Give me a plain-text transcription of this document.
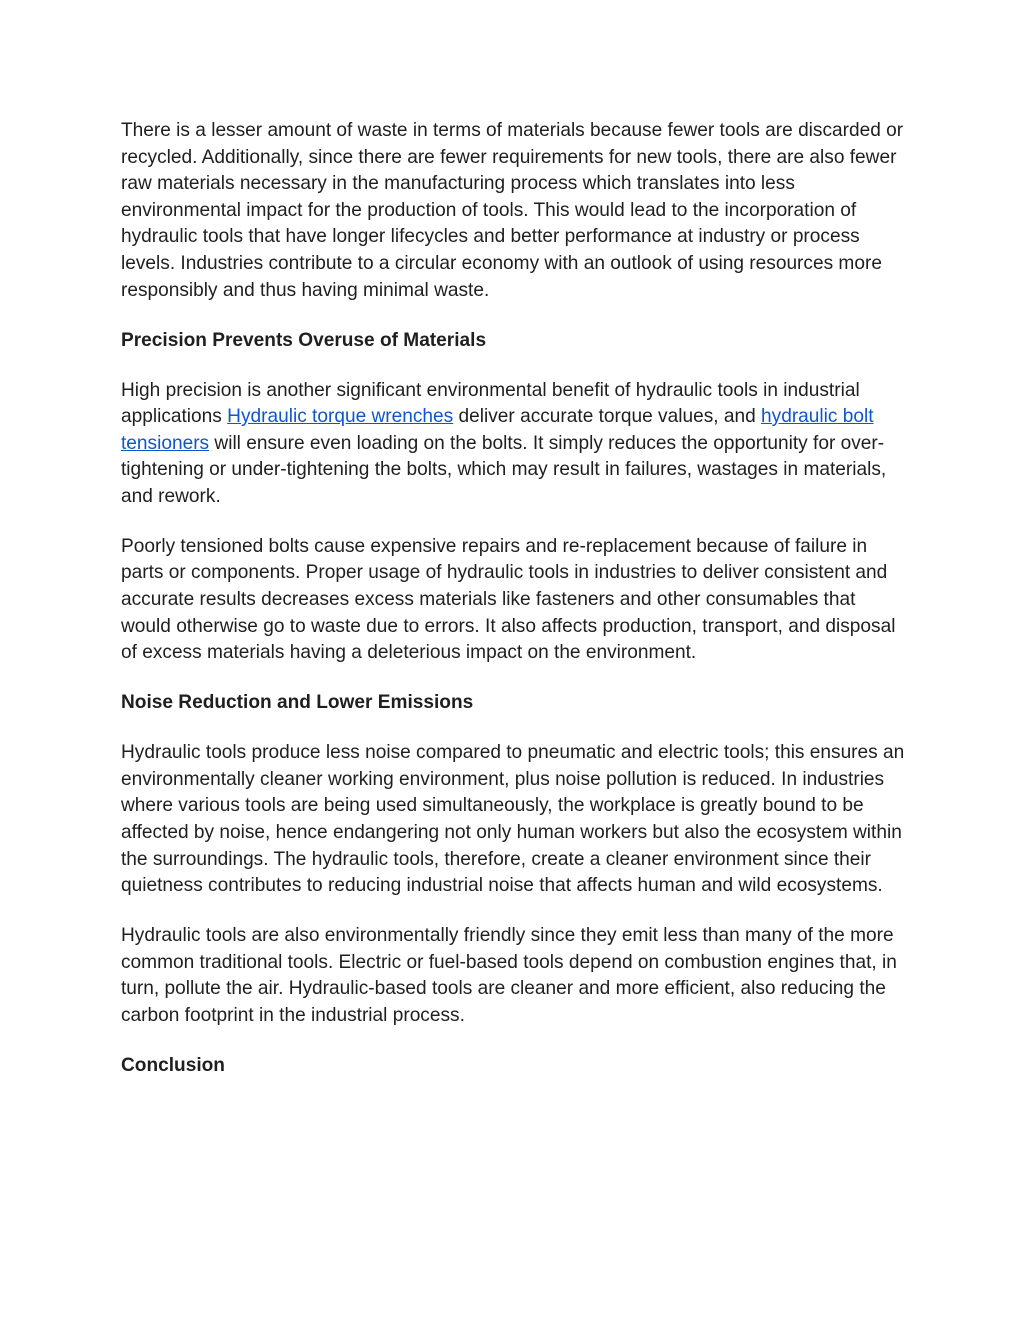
There is a lesser amount of waste in terms of materials because fewer tools are discarded or recycled. Additionally, since there are fewer requirements for new tools, there are also fewer raw materials necessary in the manufacturing process which translates into less environmental impact for the production of tools. This would lead to the incorporation of hydraulic tools that have longer lifecycles and better performance at industry or process levels. Industries contribute to a circular economy with an outlook of using resources more responsibly and thus having minimal waste.

Precision Prevents Overuse of Materials

High precision is another significant environmental benefit of hydraulic tools in industrial applications Hydraulic torque wrenches deliver accurate torque values, and hydraulic bolt tensioners will ensure even loading on the bolts. It simply reduces the opportunity for over-tightening or under-tightening the bolts, which may result in failures, wastages in materials, and rework.

Poorly tensioned bolts cause expensive repairs and re-replacement because of failure in parts or components. Proper usage of hydraulic tools in industries to deliver consistent and accurate results decreases excess materials like fasteners and other consumables that would otherwise go to waste due to errors. It also affects production, transport, and disposal of excess materials having a deleterious impact on the environment.

Noise Reduction and Lower Emissions

Hydraulic tools produce less noise compared to pneumatic and electric tools; this ensures an environmentally cleaner working environment, plus noise pollution is reduced. In industries where various tools are being used simultaneously, the workplace is greatly bound to be affected by noise, hence endangering not only human workers but also the ecosystem within the surroundings. The hydraulic tools, therefore, create a cleaner environment since their quietness contributes to reducing industrial noise that affects human and wild ecosystems.

Hydraulic tools are also environmentally friendly since they emit less than many of the more common traditional tools. Electric or fuel-based tools depend on combustion engines that, in turn, pollute the air. Hydraulic-based tools are cleaner and more efficient, also reducing the carbon footprint in the industrial process.

Conclusion
